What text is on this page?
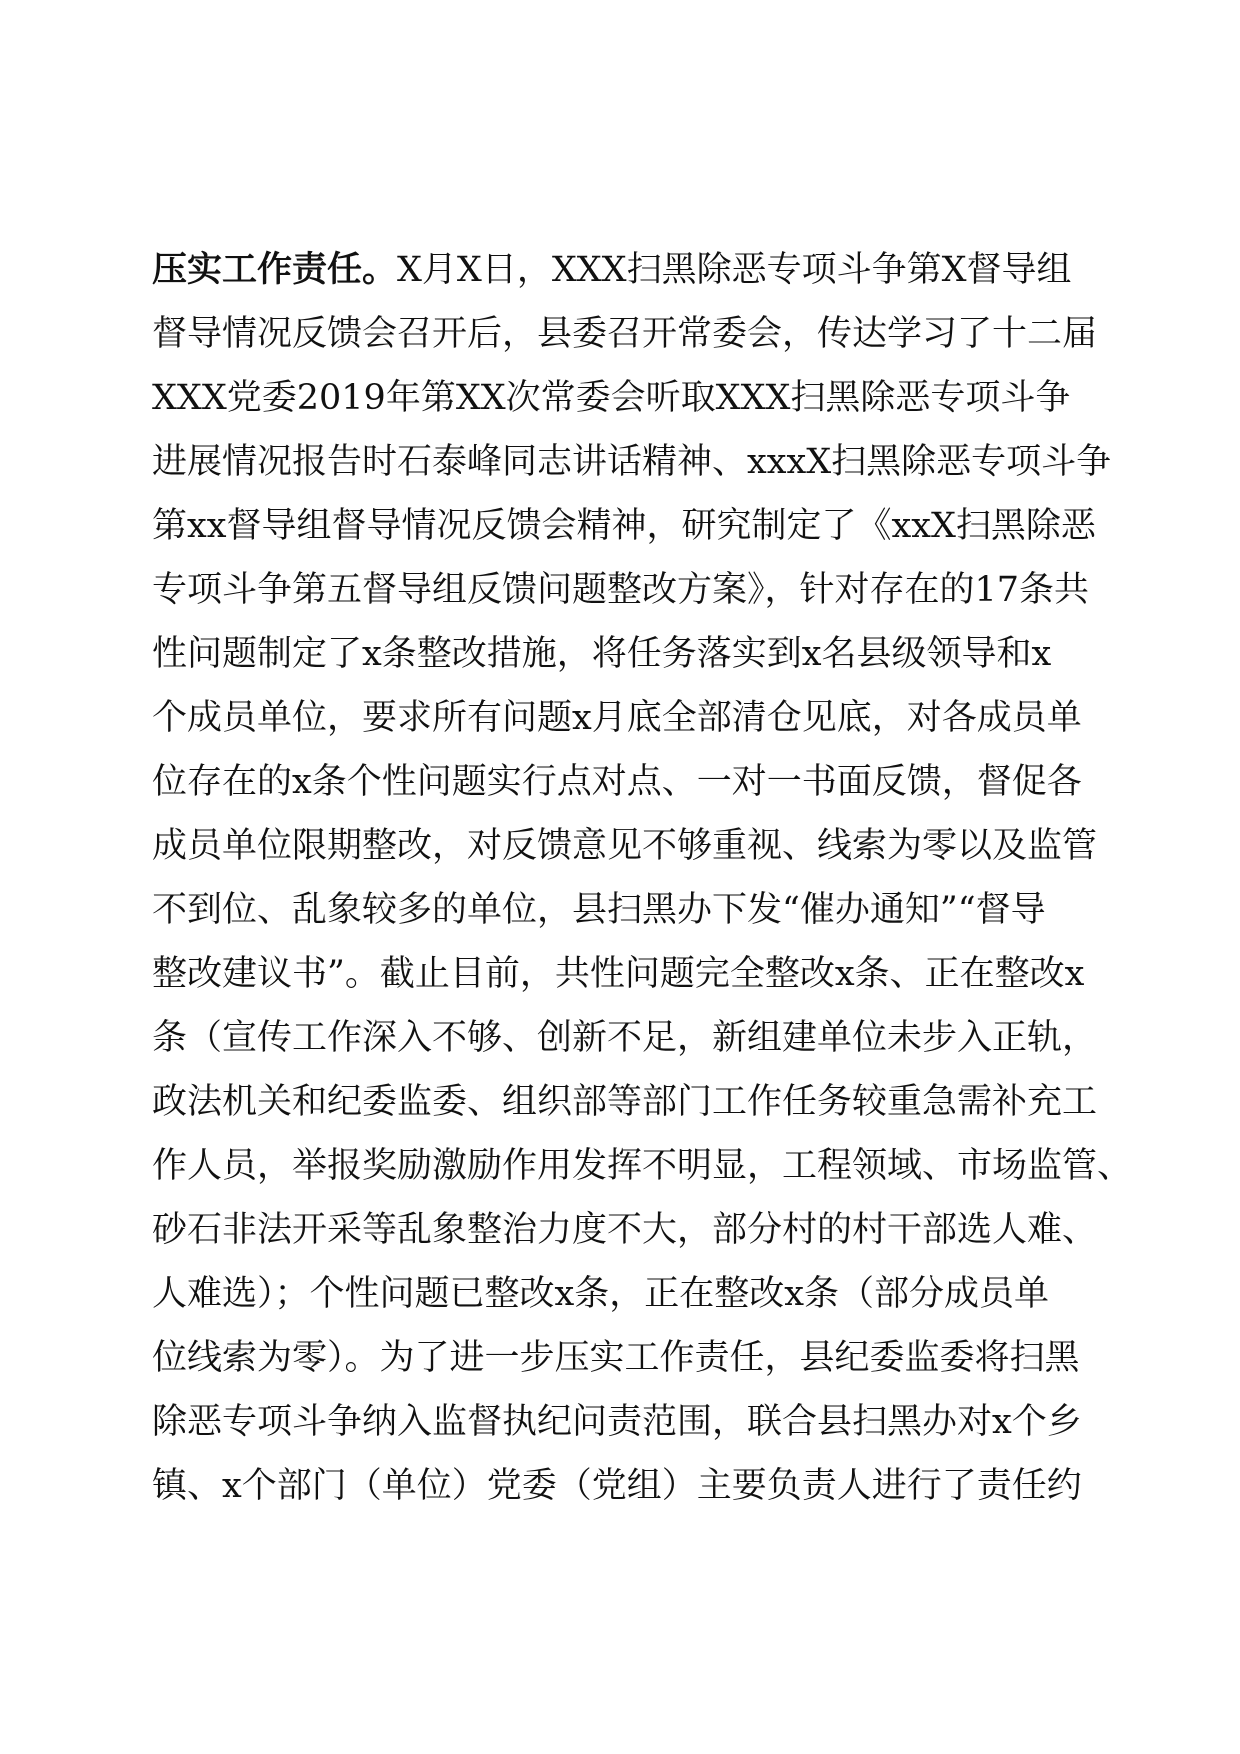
压实工作责任。X月X日，XXX扫黑除恶专项斗争第X督导组
督导情况反馈会召开后，县委召开常委会，传达学习了十二届
XXX党委2019年第XX次常委会听取XXX扫黑除恶专项斗争
进展情况报告时石泰峰同志讲话精神、xxxX扫黑除恶专项斗争
第xx督导组督导情况反馈会精神，研究制定了《xxX扫黑除恶
专项斗争第五督导组反馈问题整改方案》，针对存在的17条共
性问题制定了x条整改措施，将任务落实到x名县级领导和x
个成员单位，要求所有问题x月底全部清仓见底，对各成员单
位存在的x条个性问题实行点对点、一对一书面反馈，督促各
成员单位限期整改，对反馈意见不够重视、线索为零以及监管
不到位、乱象较多的单位，县扫黑办下发“催办通知”“督导
整改建议书”。截止目前，共性问题完全整改x条、正在整改x
条（宣传工作深入不够、创新不足，新组建单位未步入正轨，
政法机关和纪委监委、组织部等部门工作任务较重急需补充工
作人员，举报奖励激励作用发挥不明显，工程领域、市场监管、
砂石非法开采等乱象整治力度不大，部分村的村干部选人难、
人难选）；个性问题已整改x条，正在整改x条（部分成员单
位线索为零）。为了进一步压实工作责任，县纪委监委将扫黑
除恶专项斗争纳入监督执纪问责范围，联合县扫黑办对x个乡
镇、x个部门（单位）党委（党组）主要负责人进行了责任约
